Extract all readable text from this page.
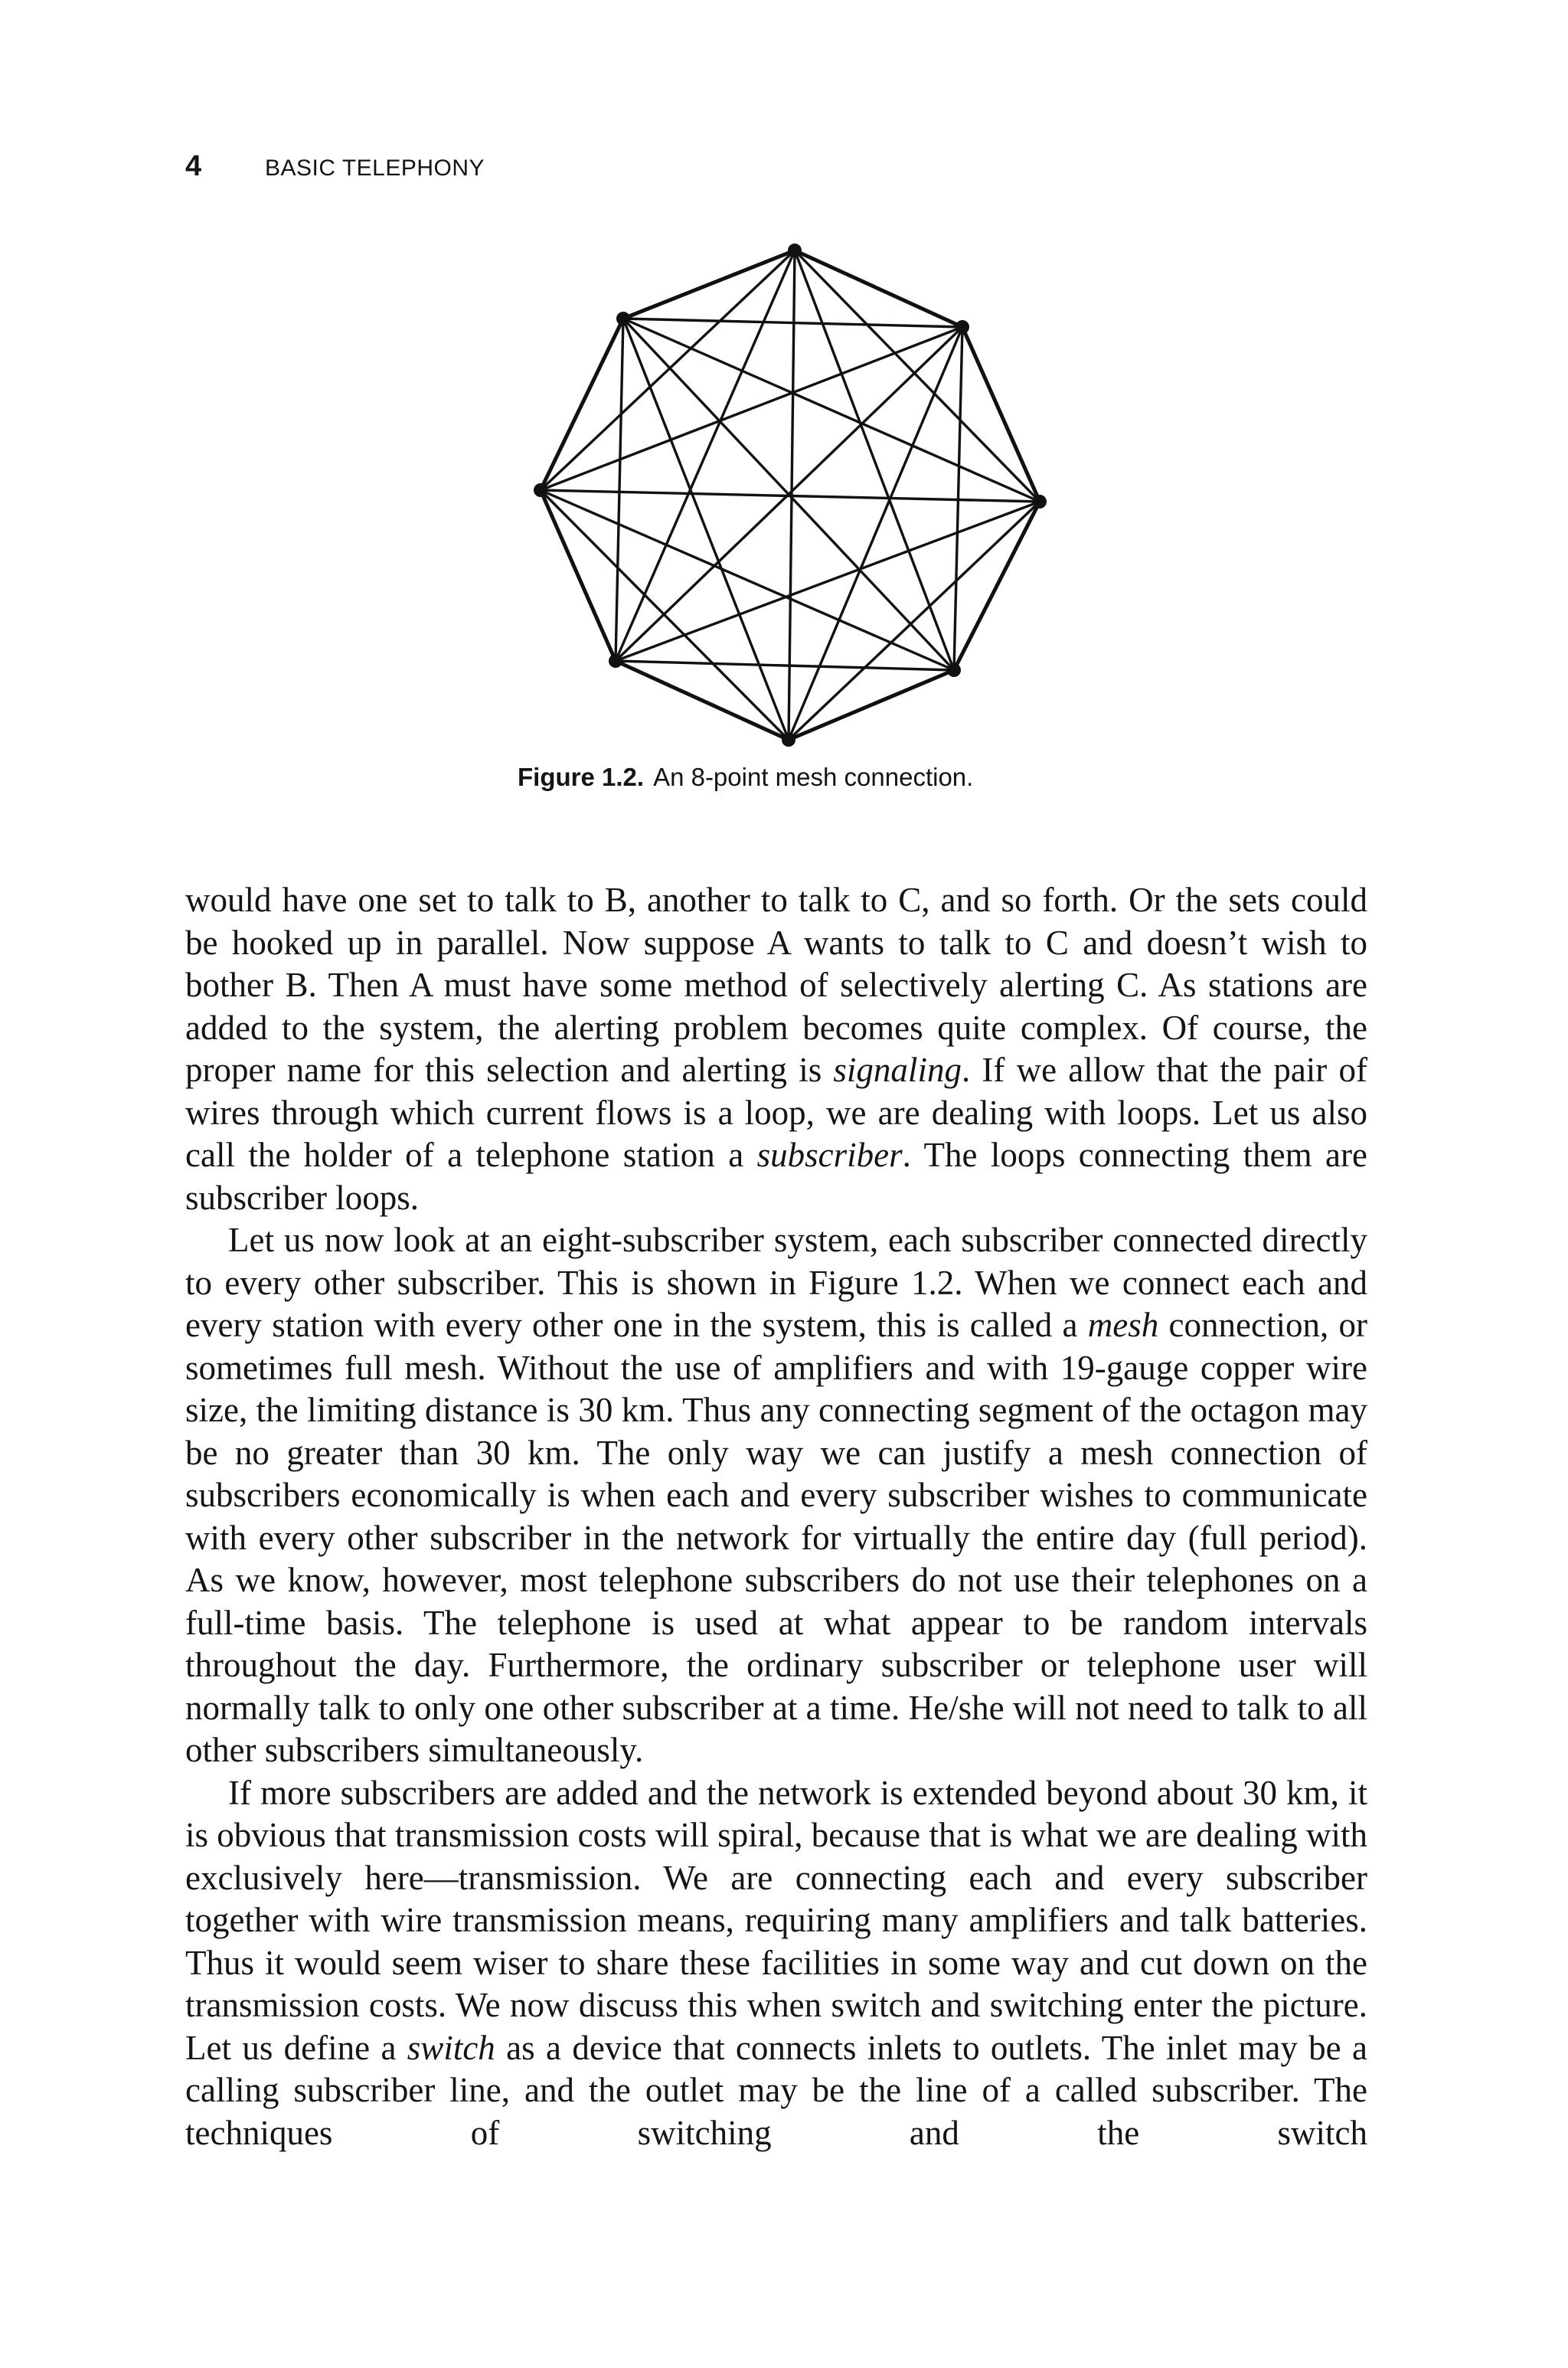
4	BASIC TELEPHONY
Figure 1.2. An 8-point mesh connection.

would have one set to talk to B, another to talk to C, and so forth. Or the sets could be hooked up in parallel. Now suppose A wants to talk to C and doesn’t wish to bother B. Then A must have some method of selectively alerting C. As stations are added to the system, the alerting problem becomes quite complex. Of course, the proper name for this selection and alerting is signaling. If we allow that the pair of wires through which current flows is a loop, we are dealing with loops. Let us also call the holder of a telephone station a subscriber. The loops connecting them are subscriber loops.

Let us now look at an eight-subscriber system, each subscriber connected directly to every other subscriber. This is shown in Figure 1.2. When we connect each and every station with every other one in the system, this is called a mesh connection, or sometimes full mesh. Without the use of amplifiers and with 19-gauge copper wire size, the limiting distance is 30 km. Thus any connecting segment of the octagon may be no greater than 30 km. The only way we can justify a mesh connection of subscribers economically is when each and every subscriber wishes to communicate with every other subscriber in the network for virtually the entire day (full period). As we know, however, most telephone subscribers do not use their telephones on a full-time basis. The telephone is used at what appear to be random intervals throughout the day. Furthermore, the ordinary subscriber or telephone user will normally talk to only one other subscriber at a time. He/she will not need to talk to all other subscribers simultaneously.

If more subscribers are added and the network is extended beyond about 30 km, it is obvious that transmission costs will spiral, because that is what we are dealing with exclusively here—transmission. We are connecting each and every subscriber together with wire transmission means, requiring many amplifiers and talk batteries. Thus it would seem wiser to share these facilities in some way and cut down on the transmission costs. We now discuss this when switch and switching enter the picture. Let us define a switch as a device that connects inlets to outlets. The inlet may be a calling subscriber line, and the outlet may be the line of a called subscriber. The techniques of switching and the switch
